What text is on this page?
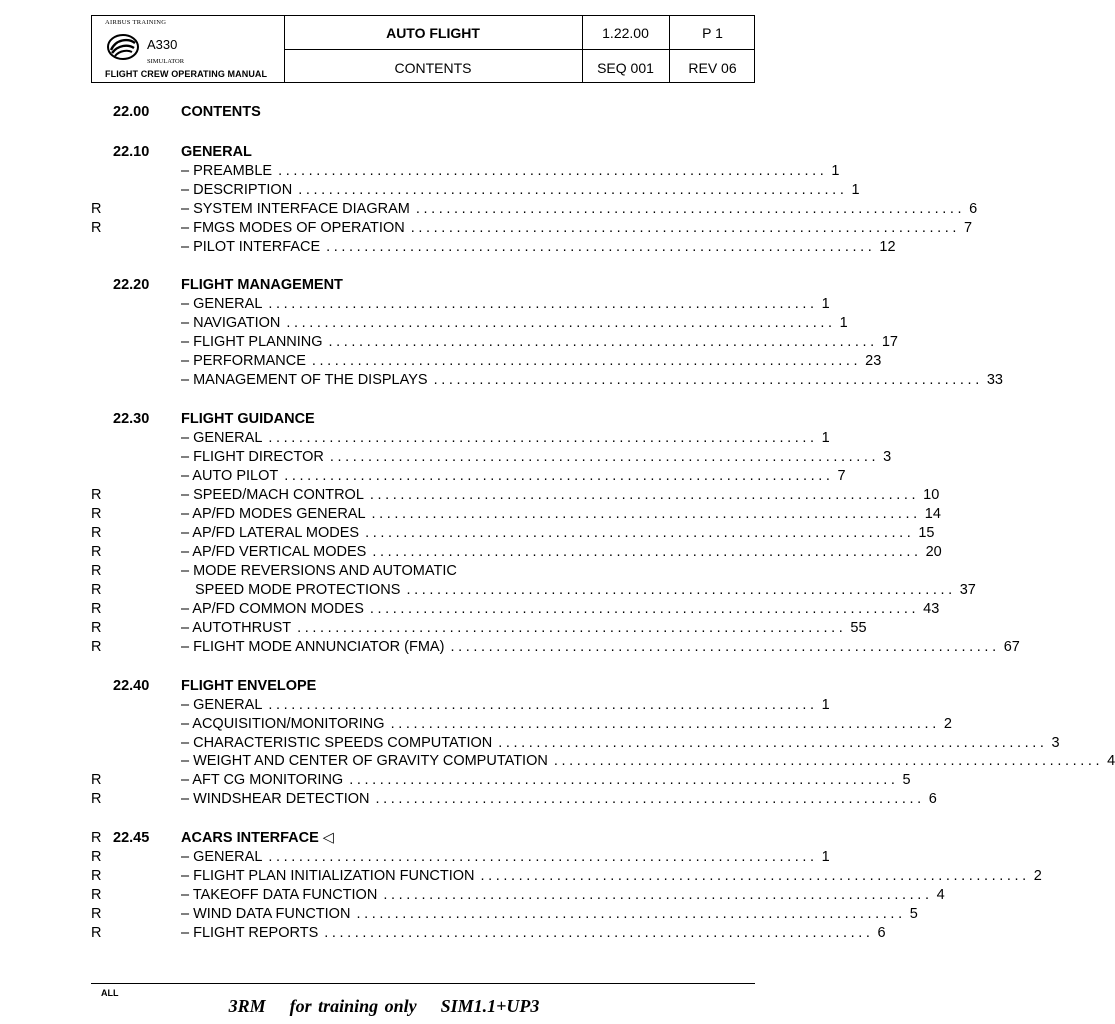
AIRBUS TRAINING
A330
SIMULATOR
FLIGHT CREW OPERATING MANUAL
AUTO FLIGHT
CONTENTS
1.22.00	P 1
SEQ 001	REV 06
22.00 CONTENTS
22.10 GENERAL
– PREAMBLE ........................................................................ 1
– DESCRIPTION ........................................................................ 1
R	– SYSTEM INTERFACE DIAGRAM ........................................................................ 6
R	– FMGS MODES OF OPERATION ........................................................................ 7
– PILOT INTERFACE ........................................................................ 12
22.20 FLIGHT MANAGEMENT
– GENERAL ........................................................................ 1
– NAVIGATION ........................................................................ 1
– FLIGHT PLANNING ........................................................................ 17
– PERFORMANCE ........................................................................ 23
– MANAGEMENT OF THE DISPLAYS ........................................................................ 33
22.30 FLIGHT GUIDANCE
– GENERAL ........................................................................ 1
– FLIGHT DIRECTOR ........................................................................ 3
– AUTO PILOT ........................................................................ 7
R	– SPEED/MACH CONTROL ........................................................................ 10
R	– AP/FD MODES GENERAL ........................................................................ 14
R	– AP/FD LATERAL MODES ........................................................................ 15
R	– AP/FD VERTICAL MODES ........................................................................ 20
R	– MODE REVERSIONS AND AUTOMATIC
R	SPEED MODE PROTECTIONS ........................................................................ 37
R	– AP/FD COMMON MODES ........................................................................ 43
R	– AUTOTHRUST ........................................................................ 55
R	– FLIGHT MODE ANNUNCIATOR (FMA) ........................................................................ 67
22.40 FLIGHT ENVELOPE
– GENERAL ........................................................................ 1
– ACQUISITION/MONITORING ........................................................................ 2
– CHARACTERISTIC SPEEDS COMPUTATION ........................................................................ 3
– WEIGHT AND CENTER OF GRAVITY COMPUTATION ........................................................................ 4
R	– AFT CG MONITORING ........................................................................ 5
R	– WINDSHEAR DETECTION ........................................................................ 6
R 22.45 ACARS INTERFACE ◁
R	– GENERAL ........................................................................ 1
R	– FLIGHT PLAN INITIALIZATION FUNCTION ........................................................................ 2
R	– TAKEOFF DATA FUNCTION ........................................................................ 4
R	– WIND DATA FUNCTION ........................................................................ 5
R	– FLIGHT REPORTS ........................................................................ 6
ALL
3RM for training only SIM1.1+UP3
